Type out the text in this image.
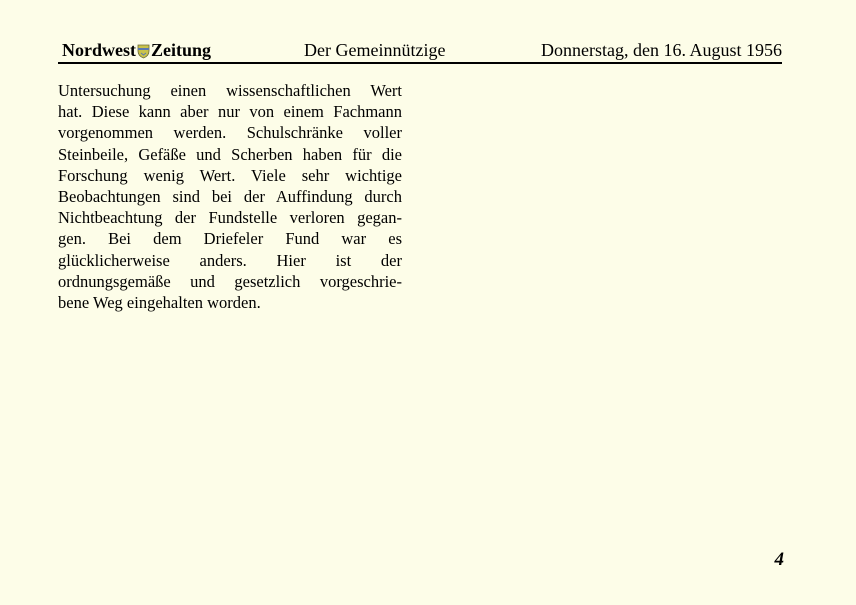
Nordwest Zeitung	Der Gemeinnützige	Donnerstag, den 16. August 1956
Untersuchung einen wissenschaftlichen Wert
hat. Diese kann aber nur von einem Fachmann
vorgenommen werden. Schulschränke voller
Steinbeile, Gefäße und Scherben haben für die
Forschung wenig Wert. Viele sehr wichtige
Beobachtungen sind bei der Auffindung durch
Nichtbeachtung der Fundstelle verloren gegan-
gen. Bei dem Driefeler Fund war es
glücklicherweise anders. Hier ist der
ordnungsgemäße und gesetzlich vorgeschrie-
bene Weg eingehalten worden.
4
